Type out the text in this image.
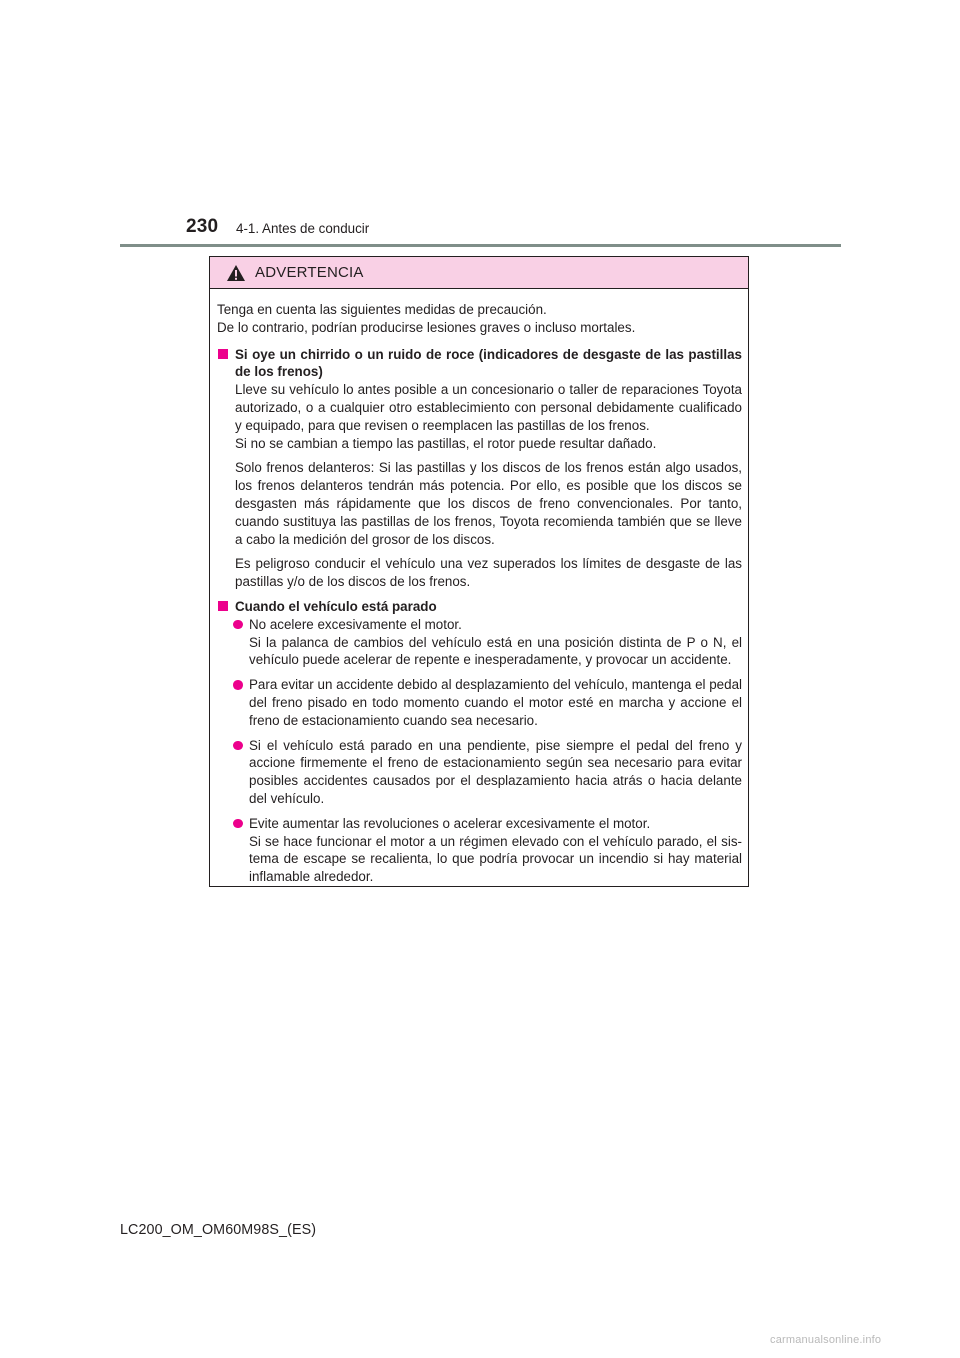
230 4-1. Antes de conducir
ADVERTENCIA

Tenga en cuenta las siguientes medidas de precaución.
De lo contrario, podrían producirse lesiones graves o incluso mortales.

Si oye un chirrido o un ruido de roce (indicadores de desgaste de las pastillas de los frenos)

Lleve su vehículo lo antes posible a un concesionario o taller de reparaciones Toyota autorizado, o a cualquier otro establecimiento con personal debidamente cualificado y equipado, para que revisen o reemplacen las pastillas de los frenos.
Si no se cambian a tiempo las pastillas, el rotor puede resultar dañado.

Solo frenos delanteros: Si las pastillas y los discos de los frenos están algo usados, los frenos delanteros tendrán más potencia. Por ello, es posible que los discos se desgasten más rápidamente que los discos de freno convencionales. Por tanto, cuando sustituya las pastillas de los frenos, Toyota recomienda también que se lleve a cabo la medición del grosor de los discos.

Es peligroso conducir el vehículo una vez superados los límites de desgaste de las pastillas y/o de los discos de los frenos.

Cuando el vehículo está parado

No acelere excesivamente el motor.
Si la palanca de cambios del vehículo está en una posición distinta de P o N, el vehículo puede acelerar de repente e inesperadamente, y provocar un accidente.

Para evitar un accidente debido al desplazamiento del vehículo, mantenga el pedal del freno pisado en todo momento cuando el motor esté en marcha y accione el freno de estacionamiento cuando sea necesario.

Si el vehículo está parado en una pendiente, pise siempre el pedal del freno y accione firmemente el freno de estacionamiento según sea necesario para evitar posibles accidentes causados por el desplazamiento hacia atrás o hacia delante del vehículo.

Evite aumentar las revoluciones o acelerar excesivamente el motor.
Si se hace funcionar el motor a un régimen elevado con el vehículo parado, el sis-tema de escape se recalienta, lo que podría provocar un incendio si hay material inflamable alrededor.

LC200_OM_OM60M98S_(ES)
carmanualsonline.info
